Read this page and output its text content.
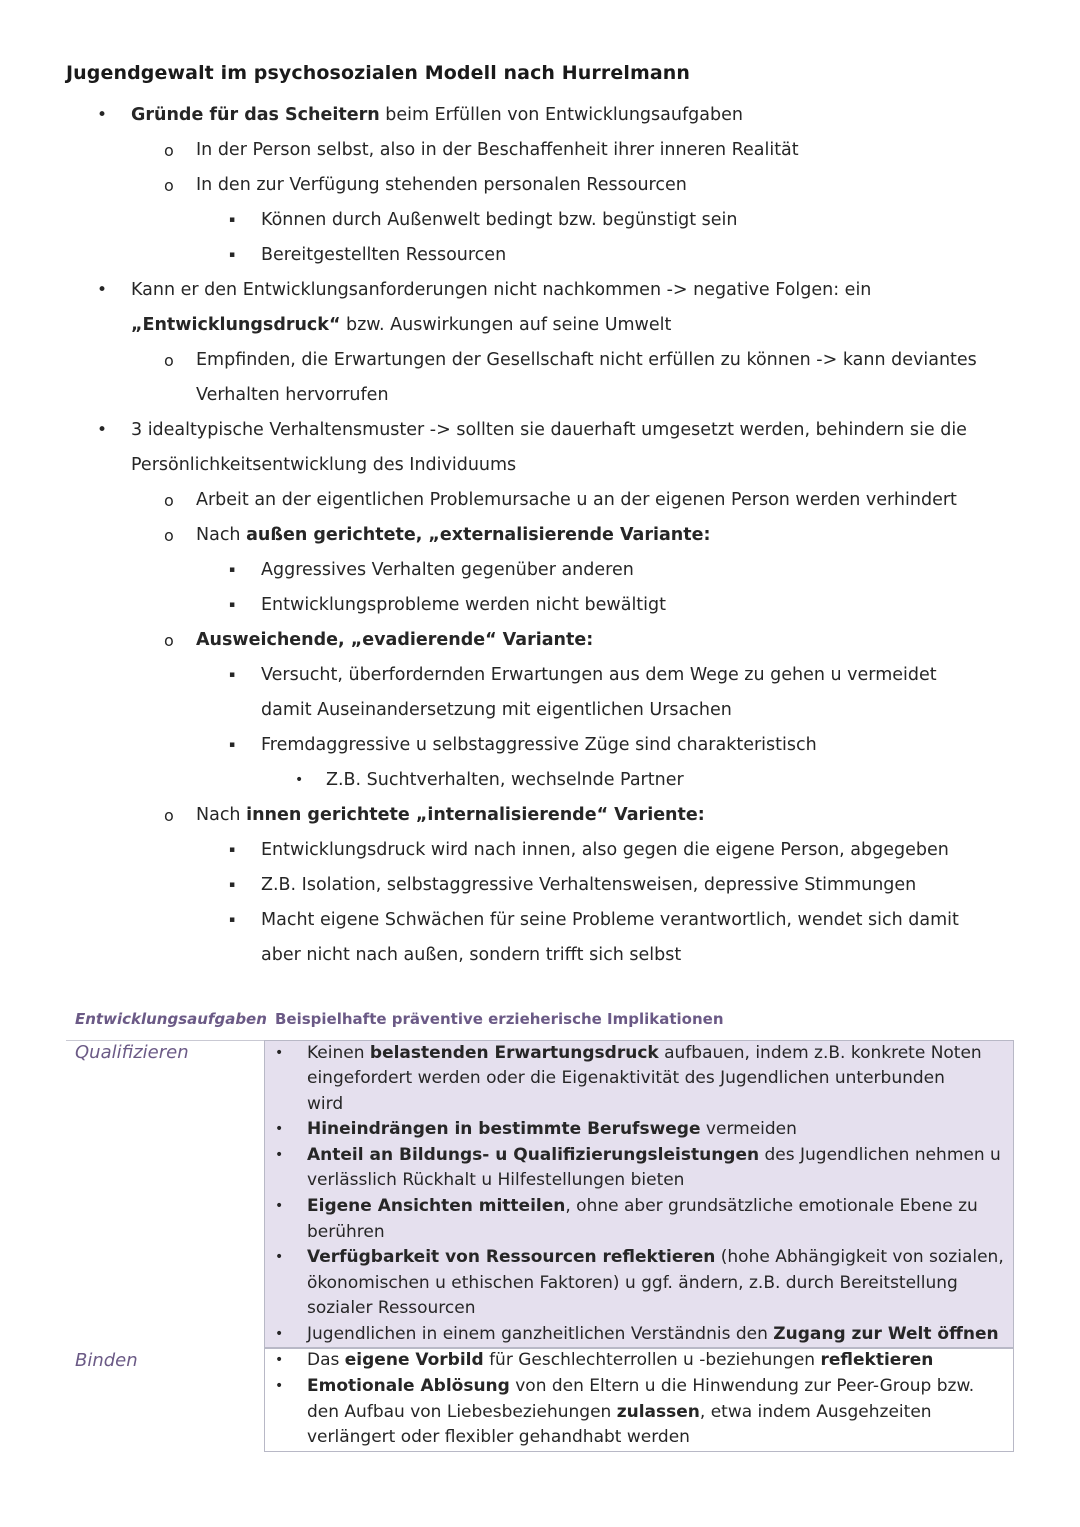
Jugendgewalt im psychosozialen Modell nach Hurrelmann
• Gründe für das Scheitern beim Erfüllen von Entwicklungsaufgaben
o In der Person selbst, also in der Beschaffenheit ihrer inneren Realität
o In den zur Verfügung stehenden personalen Ressourcen
▪ Können durch Außenwelt bedingt bzw. begünstigt sein
▪ Bereitgestellten Ressourcen
• Kann er den Entwicklungsanforderungen nicht nachkommen -> negative Folgen: ein
„Entwicklungsdruck“ bzw. Auswirkungen auf seine Umwelt
o Empfinden, die Erwartungen der Gesellschaft nicht erfüllen zu können -> kann deviantes
Verhalten hervorrufen
• 3 idealtypische Verhaltensmuster -> sollten sie dauerhaft umgesetzt werden, behindern sie die
Persönlichkeitsentwicklung des Individuums
o Arbeit an der eigentlichen Problemursache u an der eigenen Person werden verhindert
o Nach außen gerichtete, „externalisierende Variante:
▪ Aggressives Verhalten gegenüber anderen
▪ Entwicklungsprobleme werden nicht bewältigt
o Ausweichende, „evadierende“ Variante:
▪ Versucht, überfordernden Erwartungen aus dem Wege zu gehen u vermeidet
damit Auseinandersetzung mit eigentlichen Ursachen
▪ Fremdaggressive u selbstaggressive Züge sind charakteristisch
• Z.B. Suchtverhalten, wechselnde Partner
o Nach innen gerichtete „internalisierende“ Variente:
▪ Entwicklungsdruck wird nach innen, also gegen die eigene Person, abgegeben
▪ Z.B. Isolation, selbstaggressive Verhaltensweisen, depressive Stimmungen
▪ Macht eigene Schwächen für seine Probleme verantwortlich, wendet sich damit
aber nicht nach außen, sondern trifft sich selbst
Entwicklungsaufgaben Beispielhafte präventive erzieherische Implikationen
Qualifizieren	• Keinen belastenden Erwartungsdruck aufbauen, indem z.B. konkrete Noten
eingefordert werden oder die Eigenaktivität des Jugendlichen unterbunden
wird
• Hineindrängen in bestimmte Berufswege vermeiden
• Anteil an Bildungs- u Qualifizierungsleistungen des Jugendlichen nehmen u
verlässlich Rückhalt u Hilfestellungen bieten
• Eigene Ansichten mitteilen, ohne aber grundsätzliche emotionale Ebene zu
berühren
• Verfügbarkeit von Ressourcen reflektieren (hohe Abhängigkeit von sozialen,
ökonomischen u ethischen Faktoren) u ggf. ändern, z.B. durch Bereitstellung
sozialer Ressourcen
• Jugendlichen in einem ganzheitlichen Verständnis den Zugang zur Welt öffnen
Binden	• Das eigene Vorbild für Geschlechterrollen u -beziehungen reflektieren
• Emotionale Ablösung von den Eltern u die Hinwendung zur Peer-Group bzw.
den Aufbau von Liebesbeziehungen zulassen, etwa indem Ausgehzeiten
verlängert oder flexibler gehandhabt werden
